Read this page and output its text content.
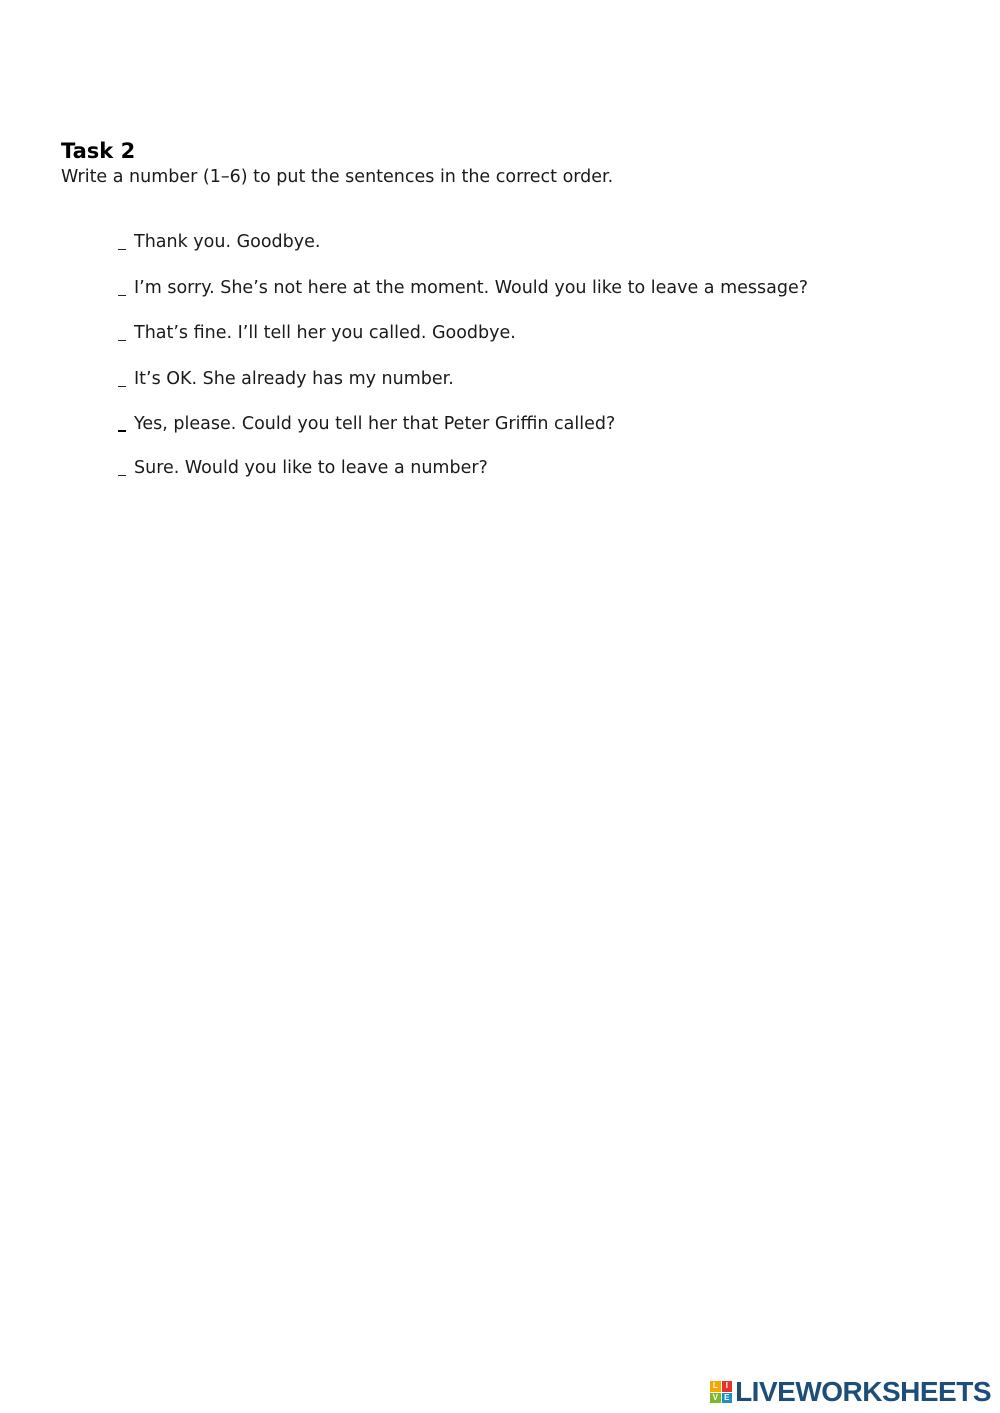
Task 2
Write a number (1–6) to put the sentences in the correct order.
Thank you. Goodbye.
I’m sorry. She’s not here at the moment. Would you like to leave a message?
That’s fine. I’ll tell her you called. Goodbye.
It’s OK. She already has my number.
Yes, please. Could you tell her that Peter Griffin called?
Sure. Would you like to leave a number?
L I
V E LIVEWORKSHEETS
